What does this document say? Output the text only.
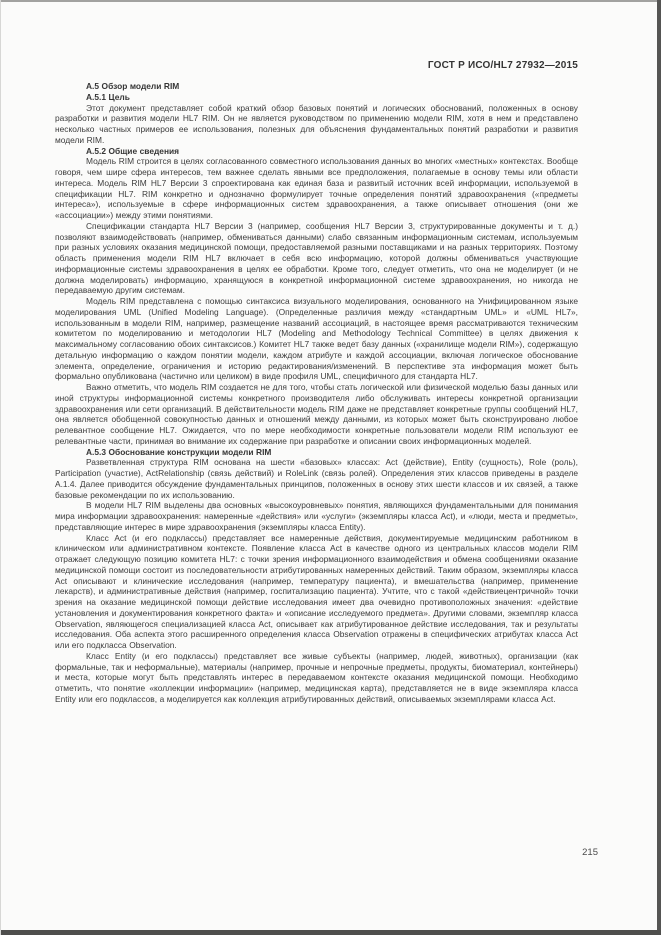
ГОСТ Р ИСО/HL7 27932—2015
А.5 Обзор модели RIM
А.5.1 Цель

Этот документ представляет собой краткий обзор базовых понятий и логических обоснований, положенных в основу разработки и развития модели HL7 RIM. Он не является руководством по применению модели RIM, хотя в нем и представлено несколько частных примеров ее использования, полезных для объяснения фундаментальных понятий разработки и развития модели RIM.

А.5.2 Общие сведения

Модель RIM строится в целях согласованного совместного использования данных во многих «местных» контекстах. Вообще говоря, чем шире сфера интересов, тем важнее сделать явными все предположения, полагаемые в основу темы или области интереса. Модель RIM HL7 Версии 3 спроектирована как единая база и развитый источник всей информации, используемой в спецификации HL7. RIM конкретно и однозначно формулирует точные определения понятий здравоохранения («предметы интереса»), используемые в сфере информационных систем здравоохранения, а также описывает отношения (они же «ассоциации») между этими понятиями.

Спецификации стандарта HL7 Версии 3 (например, сообщения HL7 Версии 3, структурированные документы и т. д.) позволяют взаимодействовать (например, обмениваться данными) слабо связанным информационным системам, используемым при разных условиях оказания медицинской помощи, предоставляемой разными поставщиками и на разных территориях. Поэтому область применения модели RIM HL7 включает в себя всю информацию, которой должны обмениваться участвующие информационные системы здравоохранения в целях ее обработки. Кроме того, следует отметить, что она не моделирует (и не должна моделировать) информацию, хранящуюся в конкретной информационной системе здравоохранения, но никогда не передаваемую другим системам.

Модель RIM представлена с помощью синтаксиса визуального моделирования, основанного на Унифицированном языке моделирования UML (Unified Modeling Language). (Определенные различия между «стандартным UML» и «UML HL7», использованным в модели RIM, например, размещение названий ассоциаций, в настоящее время рассматриваются техническим комитетом по моделированию и методологии HL7 (Modeling and Methodology Technical Committee) в целях движения к максимальному согласованию обоих синтаксисов.) Комитет HL7 также ведет базу данных («хранилище модели RIM»), содержащую детальную информацию о каждом понятии модели, каждом атрибуте и каждой ассоциации, включая логическое обоснование элемента, определение, ограничения и историю редактирования/изменений. В перспективе эта информация может быть формально опубликована (частично или целиком) в виде профиля UML, специфичного для стандарта HL7.

Важно отметить, что модель RIM создается не для того, чтобы стать логической или физической моделью базы данных или иной структуры информационной системы конкретного производителя либо обслуживать интересы конкретной организации здравоохранения или сети организаций. В действительности модель RIM даже не представляет конкретные группы сообщений HL7, она является обобщенной совокупностью данных и отношений между данными, из которых может быть сконструировано любое релевантное сообщение HL7. Ожидается, что по мере необходимости конкретные пользователи модели RIM используют ее релевантные части, принимая во внимание их содержание при разработке и описании своих информационных моделей.

А.5.3 Обоснование конструкции модели RIM

Разветвленная структура RIM основана на шести «базовых» классах: Act (действие), Entity (сущность), Role (роль), Participation (участие), ActRelationship (связь действий) и RoleLink (связь ролей). Определения этих классов приведены в разделе А.1.4. Далее приводится обсуждение фундаментальных принципов, положенных в основу этих шести классов и их связей, а также базовые рекомендации по их использованию.

В модели HL7 RIM выделены два основных «высокоуровневых» понятия, являющихся фундаментальными для понимания мира информации здравоохранения: намеренные «действия» или «услуги» (экземпляры класса Act), и «люди, места и предметы», представляющие интерес в мире здравоохранения (экземпляры класса Entity).

Класс Act (и его подклассы) представляет все намеренные действия, документируемые медицинским работником в клиническом или административном контексте. Появление класса Act в качестве одного из центральных классов модели RIM отражает следующую позицию комитета HL7: с точки зрения информационного взаимодействия и обмена сообщениями оказание медицинской помощи состоит из последовательности атрибутированных намеренных действий. Таким образом, экземпляры класса Act описывают и клинические исследования (например, температуру пациента), и вмешательства (например, применение лекарств), и административные действия (например, госпитализацию пациента). Учтите, что с такой «действиецентричной» точки зрения на оказание медицинской помощи действие исследования имеет два очевидно противоположных значения: «действие установления и документирования конкретного факта» и «описание исследуемого предмета». Другими словами, экземпляр класса Observation, являющегося специализацией класса Act, описывает как атрибутированное действие исследования, так и результаты исследования. Оба аспекта этого расширенного определения класса Observation отражены в специфических атрибутах класса Act или его подкласса Observation.

Класс Entity (и его подклассы) представляет все живые субъекты (например, людей, животных), организации (как формальные, так и неформальные), материалы (например, прочные и непрочные предметы, продукты, биоматериал, контейнеры) и места, которые могут быть представлять интерес в передаваемом контексте оказания медицинской помощи. Необходимо отметить, что понятие «коллекции информации» (например, медицинская карта), представляется не в виде экземпляра класса Entity или его подклассов, а моделируется как коллекция атрибутированных действий, описываемых экземплярами класса Act.

215
